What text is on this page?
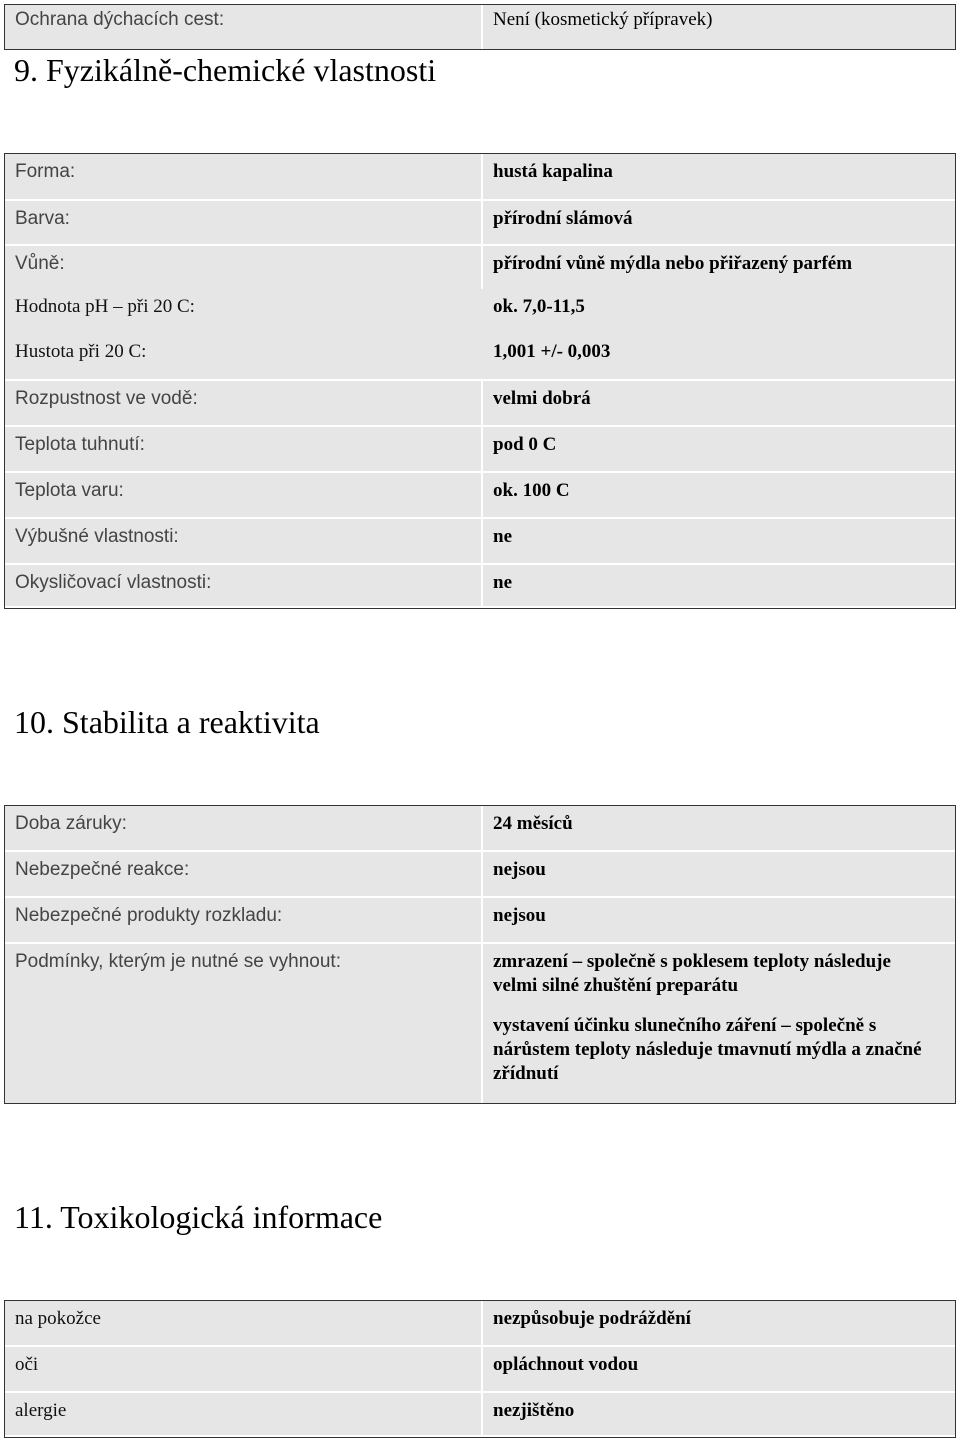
Ochrana dýchacích cest:	Není (kosmetický přípravek)
9. Fyzikálně-chemické vlastnosti
Forma:	hustá kapalina
Barva:	přírodní slámová
Vůně:	přírodní vůně mýdla nebo přiřazený parfém
Hodnota pH – při 20 C:	ok. 7,0-11,5
Hustota při 20 C:	1,001 +/- 0,003
Rozpustnost ve vodě:	velmi dobrá
Teplota tuhnutí:	pod 0 C
Teplota varu:	ok. 100 C
Výbušné vlastnosti:	ne
Okysličovací vlastnosti:	ne
10. Stabilita a reaktivita
Doba záruky:	24 měsíců
Nebezpečné reakce:	nejsou
Nebezpečné produkty rozkladu:	nejsou
Podmínky, kterým je nutné se vyhnout:	zmrazení – společně s poklesem teploty následuje velmi silné zhuštění preparátu
vystavení účinku slunečního záření – společně s nárůstem teploty následuje tmavnutí mýdla a značné zřídnutí
11. Toxikologická informace
na pokožce	nezpůsobuje podráždění
oči	opláchnout vodou
alergie	nezjištěno
